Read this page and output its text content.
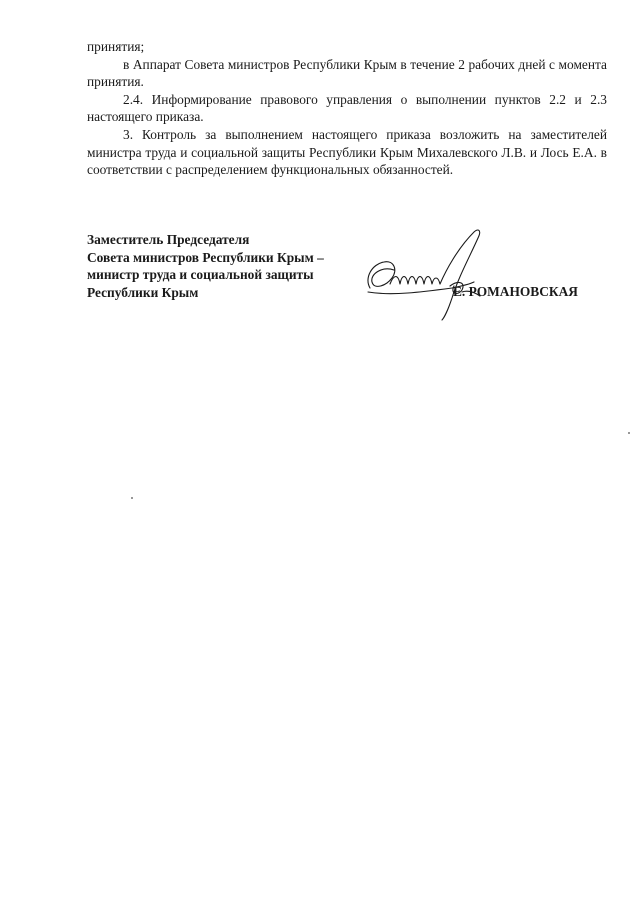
принятия;

в Аппарат Совета министров Республики Крым в течение 2 рабочих дней с момента принятия.

2.4. Информирование правового управления о выполнении пунктов 2.2 и 2.3 настоящего приказа.

3. Контроль за выполнением настоящего приказа возложить на заместителей министра труда и социальной защиты Республики Крым Михалевского Л.В. и Лось Е.А. в соответствии с распределением функциональных обязанностей.

Заместитель Председателя
Совета министров Республики Крым –
министр труда и социальной защиты
Республики Крым	Е. РОМАНОВСКАЯ
